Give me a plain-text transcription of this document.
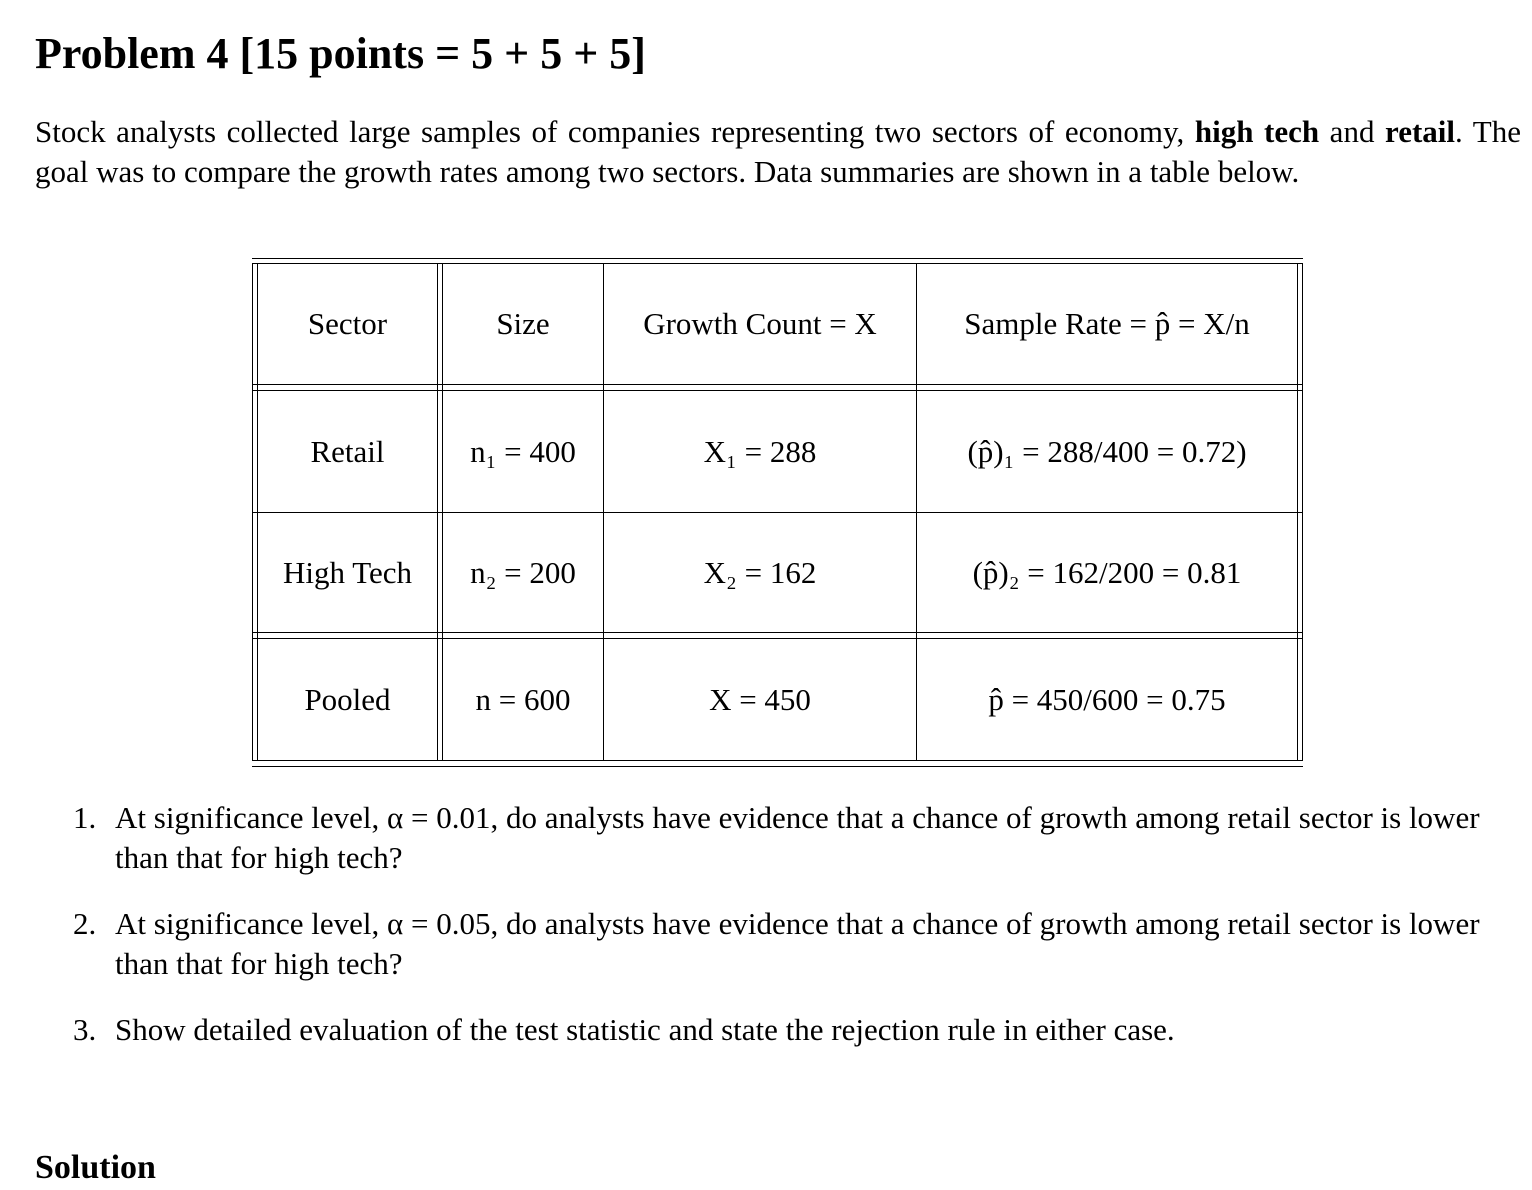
Problem 4 [15 points = 5 + 5 + 5]

Stock analysts collected large samples of companies representing two sectors of economy, high tech and retail. The goal was to compare the growth rates among two sectors. Data summaries are shown in a table below.

Sector	Size	Growth Count = X	Sample Rate = p̂ = X/n
Retail	n₁ = 400	X₁ = 288	(p̂)₁ = 288/400 = 0.72)
High Tech	n₂ = 200	X₂ = 162	(p̂)₂ = 162/200 = 0.81
Pooled	n = 600	X = 450	p̂ = 450/600 = 0.75
1. At significance level, α = 0.01, do analysts have evidence that a chance of growth among retail sector is lower than that for high tech?
2. At significance level, α = 0.05, do analysts have evidence that a chance of growth among retail sector is lower than that for high tech?
3. Show detailed evaluation of the test statistic and state the rejection rule in either case.
Solution
